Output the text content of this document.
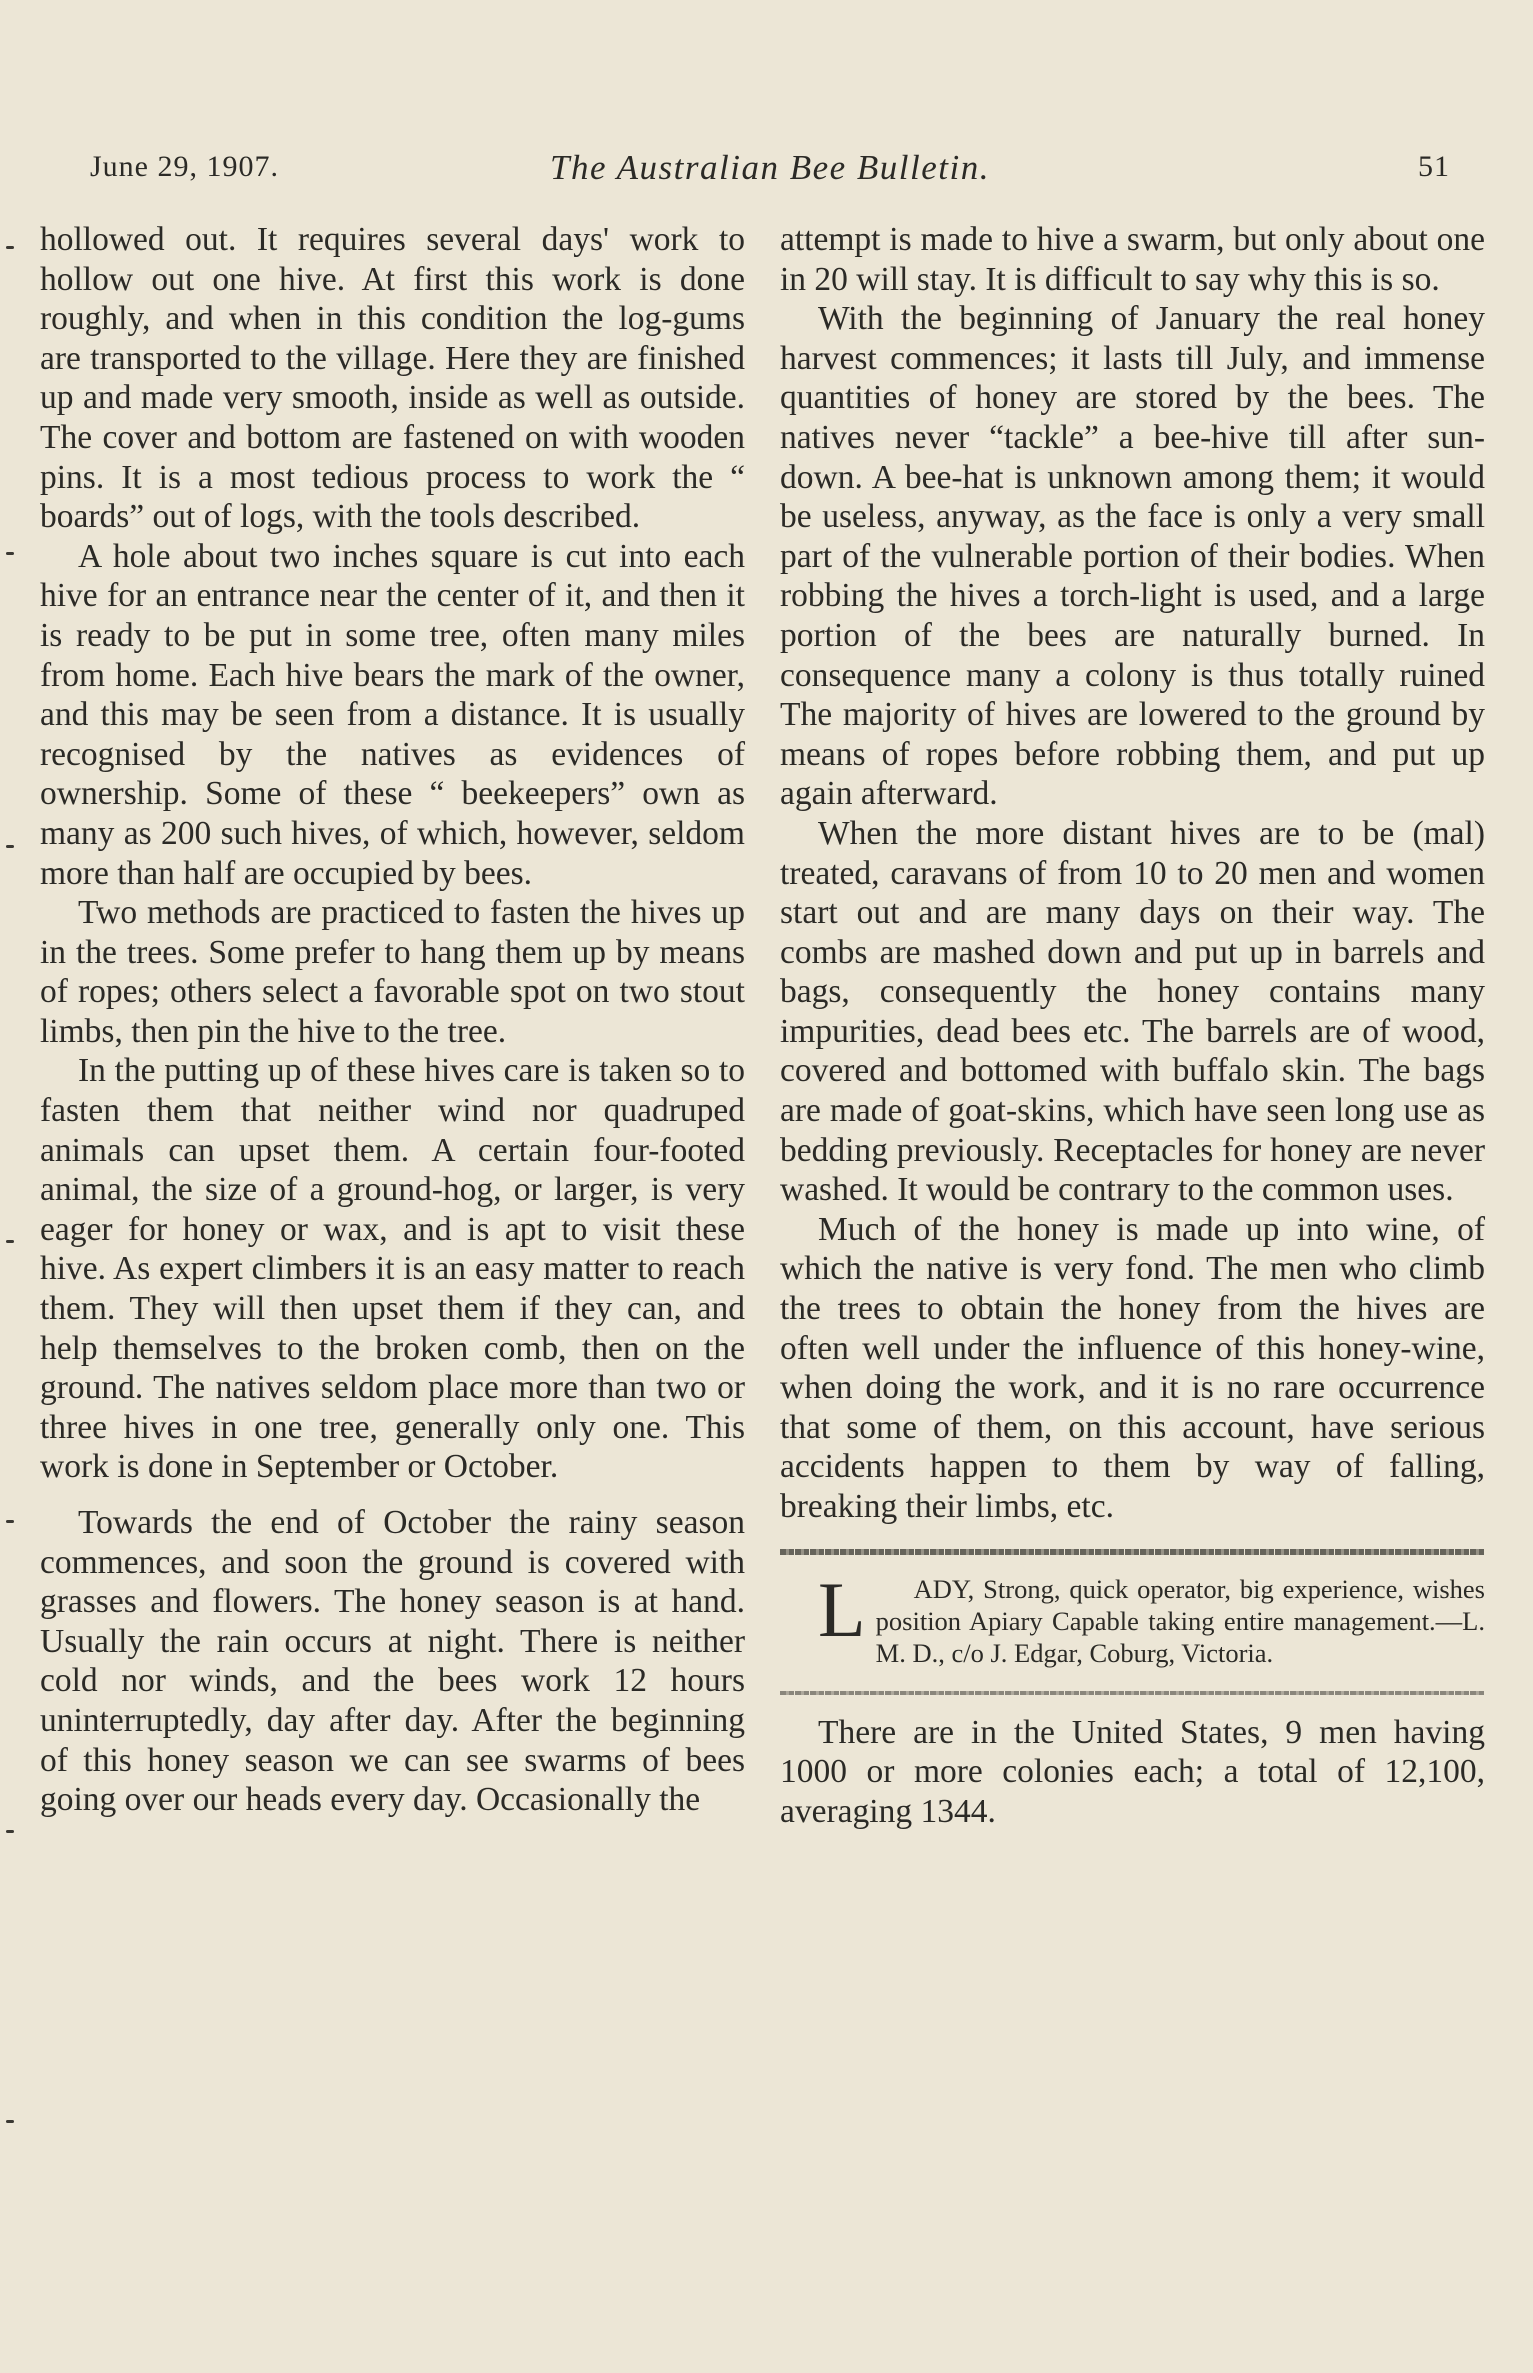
June 29, 1907.	The Australian Bee Bulletin.	51

hollowed out. It requires several days' work to hollow out one hive. At first this work is done roughly, and when in this condition the log-gums are transported to the village. Here they are finished up and made very smooth, inside as well as outside. The cover and bottom are fastened on with wooden pins. It is a most tedious process to work the “ boards” out of logs, with the tools described.

A hole about two inches square is cut into each hive for an entrance near the center of it, and then it is ready to be put in some tree, often many miles from home. Each hive bears the mark of the owner, and this may be seen from a distance. It is usually recognised by the natives as evidences of ownership. Some of these “ beekeepers” own as many as 200 such hives, of which, however, seldom more than half are occupied by bees.

Two methods are practiced to fasten the hives up in the trees. Some prefer to hang them up by means of ropes; others select a favorable spot on two stout limbs, then pin the hive to the tree.

In the putting up of these hives care is taken so to fasten them that neither wind nor quadruped animals can upset them. A certain four-footed animal, the size of a ground-hog, or larger, is very eager for honey or wax, and is apt to visit these hive. As expert climbers it is an easy matter to reach them. They will then upset them if they can, and help themselves to the broken comb, then on the ground. The natives seldom place more than two or three hives in one tree, generally only one. This work is done in September or October.

Towards the end of October the rainy season commences, and soon the ground is covered with grasses and flowers. The honey season is at hand. Usually the rain occurs at night. There is neither cold nor winds, and the bees work 12 hours uninterruptedly, day after day. After the beginning of this honey season we can see swarms of bees going over our heads every day. Occasionally the

attempt is made to hive a swarm, but only about one in 20 will stay. It is difficult to say why this is so.

With the beginning of January the real honey harvest commences; it lasts till July, and immense quantities of honey are stored by the bees. The natives never “tackle” a bee-hive till after sun-down. A bee-hat is unknown among them; it would be useless, anyway, as the face is only a very small part of the vulnerable portion of their bodies. When robbing the hives a torch-light is used, and a large portion of the bees are naturally burned. In consequence many a colony is thus totally ruined The majority of hives are lowered to the ground by means of ropes before robbing them, and put up again afterward.

When the more distant hives are to be (mal) treated, caravans of from 10 to 20 men and women start out and are many days on their way. The combs are mashed down and put up in barrels and bags, consequently the honey contains many impurities, dead bees etc. The barrels are of wood, covered and bottomed with buffalo skin. The bags are made of goat-skins, which have seen long use as bedding previously. Receptacles for honey are never washed. It would be contrary to the common uses.

Much of the honey is made up into wine, of which the native is very fond. The men who climb the trees to obtain the honey from the hives are often well under the influence of this honey-wine, when doing the work, and it is no rare occurrence that some of them, on this account, have serious accidents happen to them by way of falling, breaking their limbs, etc.

L ADY, Strong, quick operator, big experience, wishes position Apiary Capable taking entire management.—L. M. D., c/o J. Edgar, Coburg, Victoria.

There are in the United States, 9 men having 1000 or more colonies each; a total of 12,100, averaging 1344.
